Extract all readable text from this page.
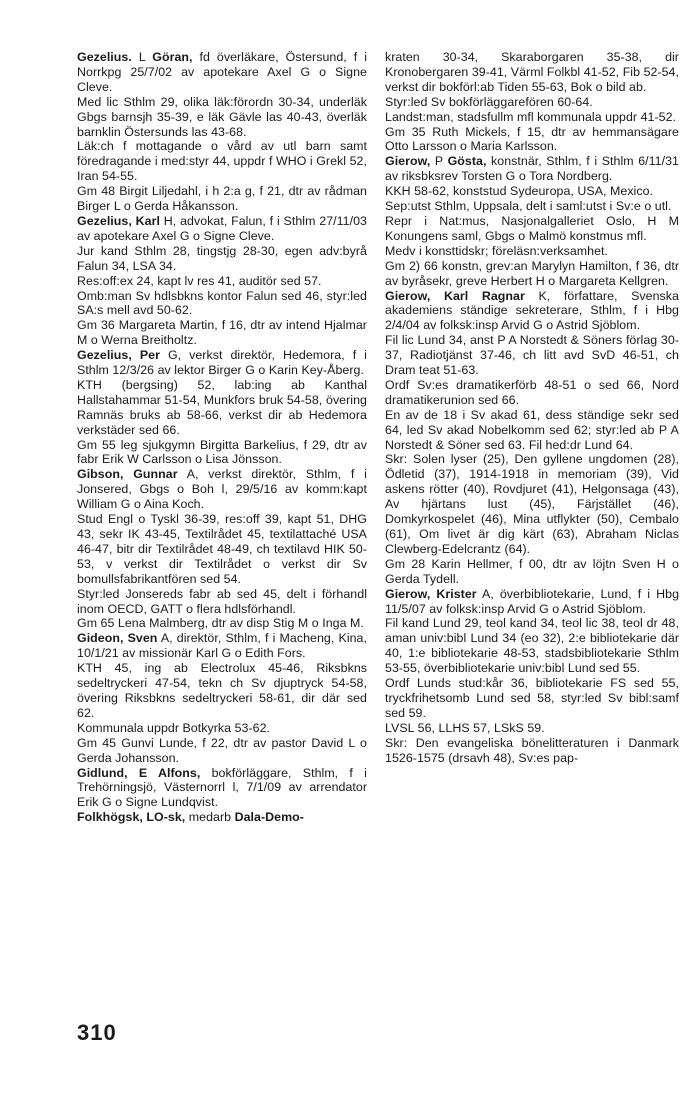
Gezelius. L Göran, fd överläkare, Östersund, f i Norrkpg 25/7/02 av apotekare Axel G o Signe Cleve.

Med lic Sthlm 29, olika läk:förordn 30-34, underläk Gbgs barnsjh 35-39, e läk Gävle las 40-43, överläk barnklin Östersunds las 43-68.

Läk:ch f mottagande o vård av utl barn samt föredragande i med:styr 44, uppdr f WHO i Grekl 52, Iran 54-55.

Gm 48 Birgit Liljedahl, i h 2:a g, f 21, dtr av rådman Birger L o Gerda Håkansson.

Gezelius, Karl H, advokat, Falun, f i Sthlm 27/11/03 av apotekare Axel G o Signe Cleve.

Jur kand Sthlm 28, tingstjg 28-30, egen adv:byrå Falun 34, LSA 34.

Res:off:ex 24, kapt lv res 41, auditör sed 57.

Omb:man Sv hdlsbkns kontor Falun sed 46, styr:led SA:s mell avd 50-62.

Gm 36 Margareta Martin, f 16, dtr av intend Hjalmar M o Werna Breitholtz.

Gezelius, Per G, verkst direktör, Hedemora, f i Sthlm 12/3/26 av lektor Birger G o Karin Key-Åberg.

KTH (bergsing) 52, lab:ing ab Kanthal Hallstahammar 51-54, Munkfors bruk 54-58, övering Ramnäs bruks ab 58-66, verkst dir ab Hedemora verkstäder sed 66.

Gm 55 leg sjukgymn Birgitta Barkelius, f 29, dtr av fabr Erik W Carlsson o Lisa Jönsson.

Gibson, Gunnar A, verkst direktör, Sthlm, f i Jonsered, Gbgs o Boh l, 29/5/16 av komm:kapt William G o Aina Koch.

Stud Engl o Tyskl 36-39, res:off 39, kapt 51, DHG 43, sekr IK 43-45, Textilrådet 45, textilattaché USA 46-47, bitr dir Textilrådet 48-49, ch textilavd HIK 50-53, v verkst dir Textilrådet o verkst dir Sv bomullsfabrikantfören sed 54.

Styr:led Jonsereds fabr ab sed 45, delt i förhandl inom OECD, GATT o flera hdlsförhandl.

Gm 65 Lena Malmberg, dtr av disp Stig M o Inga M.

Gideon, Sven A, direktör, Sthlm, f i Macheng, Kina, 10/1/21 av missionär Karl G o Edith Fors.

KTH 45, ing ab Electrolux 45-46, Riksbkns sedeltryckeri 47-54, tekn ch Sv djuptryck 54-58, övering Riksbkns sedeltryckeri 58-61, dir där sed 62.

Kommunala uppdr Botkyrka 53-62.

Gm 45 Gunvi Lunde, f 22, dtr av pastor David L o Gerda Johansson.

Gidlund, E Alfons, bokförläggare, Sthlm, f i Trehörningsjö, Västernorrl l, 7/1/09 av arrendator Erik G o Signe Lundqvist.

Folkhögsk, LO-sk, medarb Dala-Demo-

kraten 30-34, Skaraborgaren 35-38, dir Kronobergaren 39-41, Värml Folkbl 41-52, Fib 52-54, verkst dir bokförl:ab Tiden 55-63, Bok o bild ab.

Styr:led Sv bokförläggarefören 60-64.

Landst:man, stadsfullm mfl kommunala uppdr 41-52.

Gm 35 Ruth Mickels, f 15, dtr av hemmansägare Otto Larsson o Maria Karlsson.

Gierow, P Gösta, konstnär, Sthlm, f i Sthlm 6/11/31 av riksbksrev Torsten G o Tora Nordberg.

KKH 58-62, konststud Sydeuropa, USA, Mexico.

Sep:utst Sthlm, Uppsala, delt i saml:utst i Sv:e o utl.

Repr i Nat:mus, Nasjonalgalleriet Oslo, H M Konungens saml, Gbgs o Malmö konstmus mfl.

Medv i konsttidskr; föreläsn:verksamhet.

Gm 2) 66 konstn, grev:an Marylyn Hamilton, f 36, dtr av byråsekr, greve Herbert H o Margareta Kellgren.

Gierow, Karl Ragnar K, författare, Svenska akademiens ständige sekreterare, Sthlm, f i Hbg 2/4/04 av folksk:insp Arvid G o Astrid Sjöblom.

Fil lic Lund 34, anst P A Norstedt & Söners förlag 30-37, Radiotjänst 37-46, ch litt avd SvD 46-51, ch Dram teat 51-63.

Ordf Sv:es dramatikerförb 48-51 o sed 66, Nord dramatikerunion sed 66.

En av de 18 i Sv akad 61, dess ständige sekr sed 64, led Sv akad Nobelkomm sed 62; styr:led ab P A Norstedt & Söner sed 63. Fil hed:dr Lund 64.

Skr: Solen lyser (25), Den gyllene ungdomen (28), Ödletid (37), 1914-1918 in memoriam (39), Vid askens rötter (40), Rovdjuret (41), Helgonsaga (43), Av hjärtans lust (45), Färjstället (46), Domkyrkospelet (46), Mina utflykter (50), Cembalo (61), Om livet är dig kärt (63), Abraham Niclas Clewberg-Edelcrantz (64).

Gm 28 Karin Hellmer, f 00, dtr av löjtn Sven H o Gerda Tydell.

Gierow, Krister A, överbibliotekarie, Lund, f i Hbg 11/5/07 av folksk:insp Arvid G o Astrid Sjöblom.

Fil kand Lund 29, teol kand 34, teol lic 38, teol dr 48, aman univ:bibl Lund 34 (eo 32), 2:e bibliotekarie där 40, 1:e bibliotekarie 48-53, stadsbibliotekarie Sthlm 53-55, överbibliotekarie univ:bibl Lund sed 55.

Ordf Lunds stud:kår 36, bibliotekarie FS sed 55, tryckfrihetsomb Lund sed 58, styr:led Sv bibl:samf sed 59.

LVSL 56, LLHS 57, LSkS 59.

Skr: Den evangeliska bönelitteraturen i Danmark 1526-1575 (drsavh 48), Sv:es pap-

310
